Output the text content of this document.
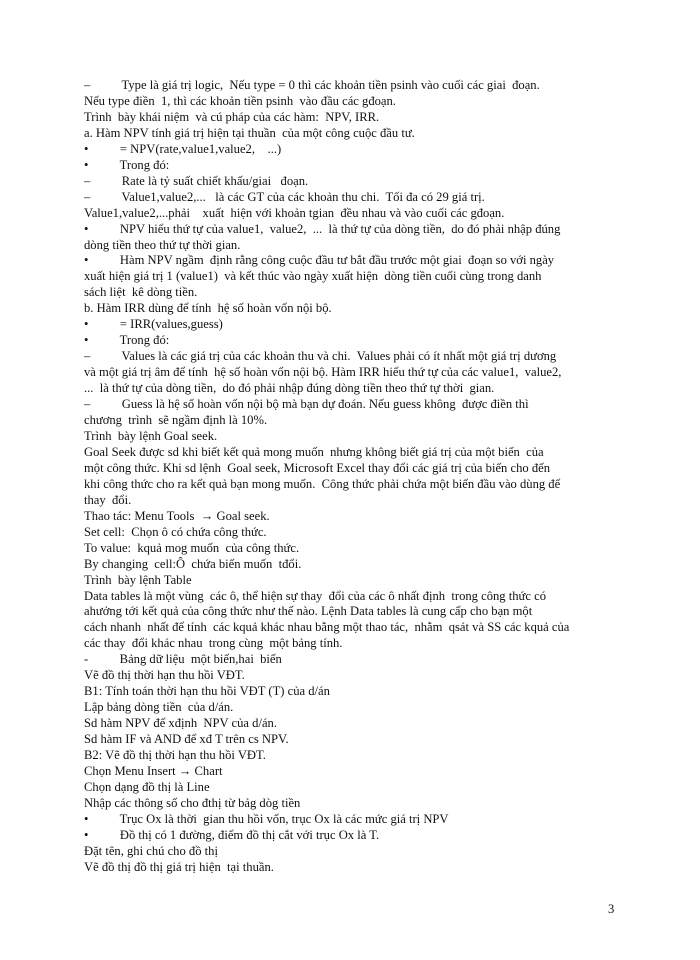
–          Type là giá trị logic,  Nếu type = 0 thì các khoản tiền psinh vào cuối các giai  đoạn.
Nếu type điền  1, thì các khoản tiền psinh  vào đầu các gđoạn.
Trình  bày khái niệm  và cú pháp của các hàm:  NPV, IRR.
a. Hàm NPV tính giá trị hiện tại thuần  của một công cuộc đầu tư.
•          = NPV(rate,value1,value2,    ...)
•          Trong đó:
–          Rate là tỷ suất chiết khấu/giai   đoạn.
–          Value1,value2,...   là các GT của các khoản thu chi.  Tối đa có 29 giá trị.
Value1,value2,...phải    xuất  hiện với khoản tgian  đều nhau và vào cuối các gđoạn.
•          NPV hiểu thứ tự của value1,  value2,  ...  là thứ tự của dòng tiền,  do đó phải nhập đúng
dòng tiền theo thứ tự thời gian.
•          Hàm NPV ngầm  định rằng công cuộc đầu tư bắt đầu trước một giai  đoạn so với ngày
xuất hiện giá trị 1 (value1)  và kết thúc vào ngày xuất hiện  dòng tiền cuối cùng trong danh
sách liệt  kê dòng tiền.
b. Hàm IRR dùng để tính  hệ số hoàn vốn nội bộ.
•          = IRR(values,guess)
•          Trong đó:
–          Values là các giá trị của các khoản thu và chi.  Values phải có ít nhất một giá trị dương
và một giá trị âm để tính  hệ số hoàn vốn nội bộ. Hàm IRR hiểu thứ tự của các value1,  value2,
...  là thứ tự của dòng tiền,  do đó phải nhập đúng dòng tiền theo thứ tự thời  gian.
–          Guess là hệ số hoàn vốn nội bộ mà bạn dự đoán. Nếu guess không  được điền thì
chương  trình  sẽ ngầm định là 10%.
Trình  bày lệnh Goal seek.
Goal Seek được sd khi biết kết quả mong muốn  nhưng không biết giá trị của một biến  của
một công thức. Khi sd lệnh  Goal seek, Microsoft Excel thay đổi các giá trị của biến cho đến
khi công thức cho ra kết quả bạn mong muốn.  Công thức phải chứa một biến đầu vào dùng để
thay  đổi.
Thao tác: Menu Tools  → Goal seek.
Set cell:  Chọn ô có chứa công thức.
To value:  kquả mog muốn  của công thức.
By changing  cell:Ô  chứa biến muốn  tđổi.
Trình  bày lệnh Table
Data tables là một vùng  các ô, thể hiện sự thay  đổi của các ô nhất định  trong công thức có
ahưởng tới kết quả của công thức như thế nào. Lệnh Data tables là cung cấp cho bạn một
cách nhanh  nhất để tính  các kquả khác nhau bằng một thao tác,  nhằm  qsát và SS các kquả của
các thay  đổi khác nhau  trong cùng  một bảng tính.
-          Bảng dữ liệu  một biến,hai  biến
Vẽ đồ thị thời hạn thu hồi VĐT.
B1: Tính toán thời hạn thu hồi VĐT (T) của d/án
Lập bảng dòng tiền  của d/án.
Sd hàm NPV để xđịnh  NPV của d/án.
Sd hàm IF và AND để xđ T trên cs NPV.
B2: Vẽ đồ thị thời hạn thu hồi VĐT.
Chọn Menu Insert → Chart
Chọn dạng đồ thị là Line
Nhập các thông số cho đthị từ bảg dòg tiền
•          Trục Ox là thời  gian thu hồi vốn, trục Ox là các mức giá trị NPV
•          Đồ thị có 1 đường, điểm đồ thị cắt với trục Ox là T.
Đặt tên, ghi chú cho đồ thị
Vẽ đồ thị đồ thị giá trị hiện  tại thuần.
3
